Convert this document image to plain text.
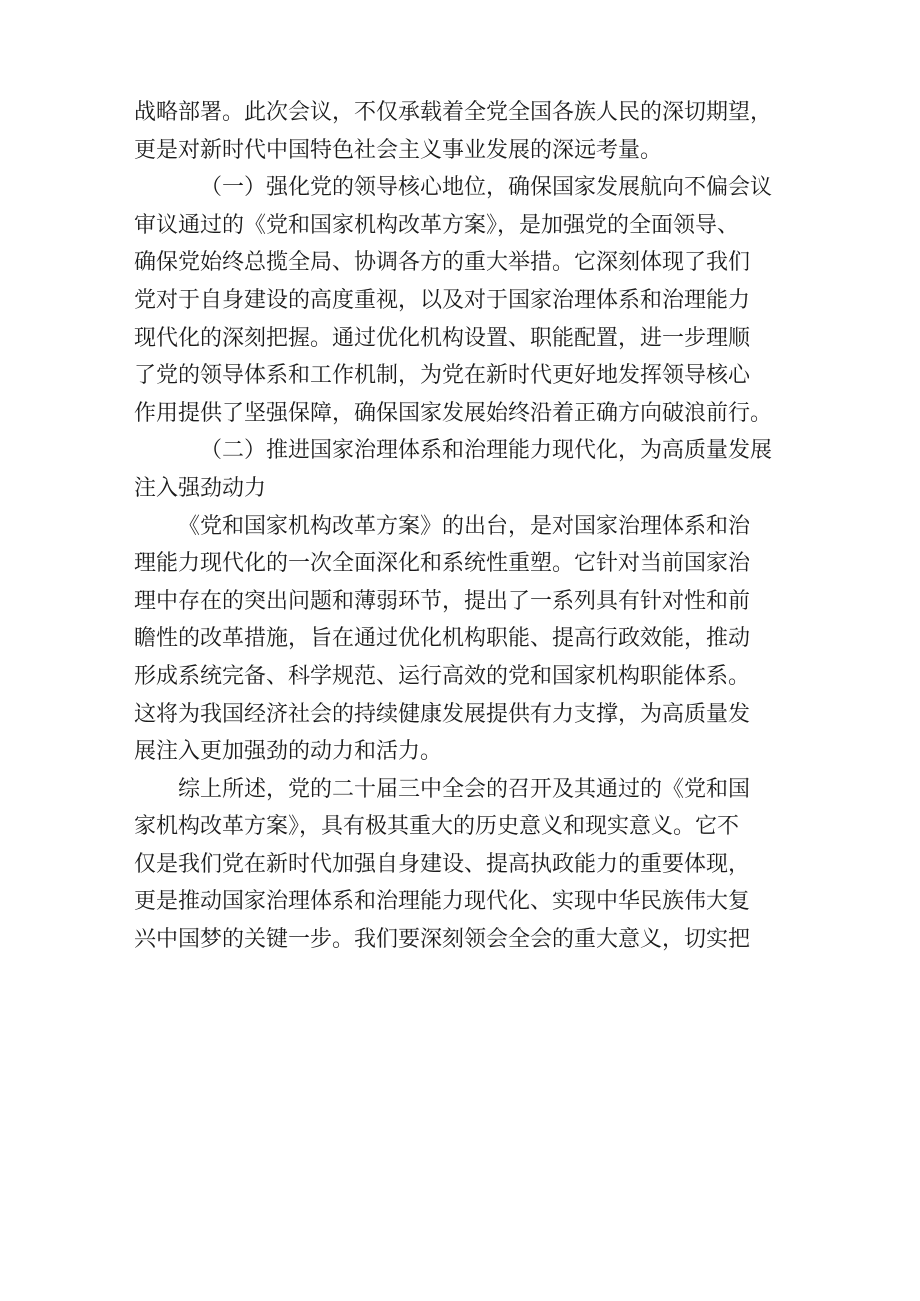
战略部署。此次会议，不仅承载着全党全国各族人民的深切期望，
更是对新时代中国特色社会主义事业发展的深远考量。
（一）强化党的领导核心地位，确保国家发展航向不偏会议
审议通过的《党和国家机构改革方案》，是加强党的全面领导、
确保党始终总揽全局、协调各方的重大举措。它深刻体现了我们
党对于自身建设的高度重视，以及对于国家治理体系和治理能力
现代化的深刻把握。通过优化机构设置、职能配置，进一步理顺
了党的领导体系和工作机制，为党在新时代更好地发挥领导核心
作用提供了坚强保障，确保国家发展始终沿着正确方向破浪前行。
（二）推进国家治理体系和治理能力现代化，为高质量发展
注入强劲动力
《党和国家机构改革方案》的出台，是对国家治理体系和治
理能力现代化的一次全面深化和系统性重塑。它针对当前国家治
理中存在的突出问题和薄弱环节，提出了一系列具有针对性和前
瞻性的改革措施，旨在通过优化机构职能、提高行政效能，推动
形成系统完备、科学规范、运行高效的党和国家机构职能体系。
这将为我国经济社会的持续健康发展提供有力支撑，为高质量发
展注入更加强劲的动力和活力。
综上所述，党的二十届三中全会的召开及其通过的《党和国
家机构改革方案》，具有极其重大的历史意义和现实意义。它不
仅是我们党在新时代加强自身建设、提高执政能力的重要体现，
更是推动国家治理体系和治理能力现代化、实现中华民族伟大复
兴中国梦的关键一步。我们要深刻领会全会的重大意义，切实把
